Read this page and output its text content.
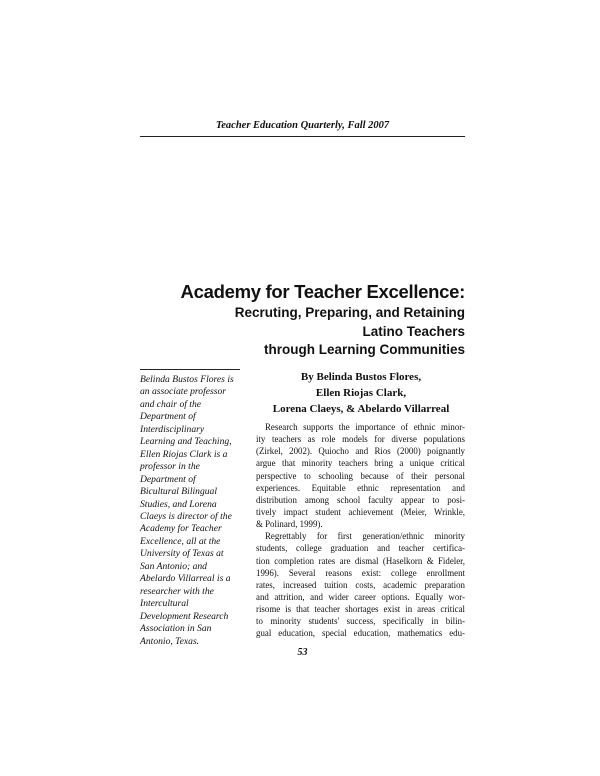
Teacher Education Quarterly, Fall 2007
Academy for Teacher Excellence:
Recruting, Preparing, and Retaining
Latino Teachers
through Learning Communities
Belinda Bustos Flores is
an associate professor
and chair of the
Department of
Interdisciplinary
Learning and Teaching,
Ellen Riojas Clark is a
professor in the
Department of
Bicultural Bilingual
Studies, and Lorena
Claeys is director of the
Academy for Teacher
Excellence, all at the
University of Texas at
San Antonio; and
Abelardo Villarreal is a
researcher with the
Intercultural
Development Research
Association in San
Antonio, Texas.
By Belinda Bustos Flores,
Ellen Riojas Clark,
Lorena Claeys, & Abelardo Villarreal
Research supports the importance of ethnic minor-
ity teachers as role models for diverse populations
(Zirkel, 2002). Quiocho and Rios (2000) poignantly
argue that minority teachers bring a unique critical
perspective to schooling because of their personal
experiences. Equitable ethnic representation and
distribution among school faculty appear to posi-
tively impact student achievement (Meier, Wrinkle,
& Polinard, 1999).
Regrettably for first generation/ethnic minority
students, college graduation and teacher certifica-
tion completion rates are dismal (Haselkorn & Fideler,
1996). Several reasons exist: college enrollment
rates, increased tuition costs, academic preparation
and attrition, and wider career options. Equally wor-
risome is that teacher shortages exist in areas critical
to minority students' success, specifically in bilin-
gual education, special education, mathematics edu-
53
